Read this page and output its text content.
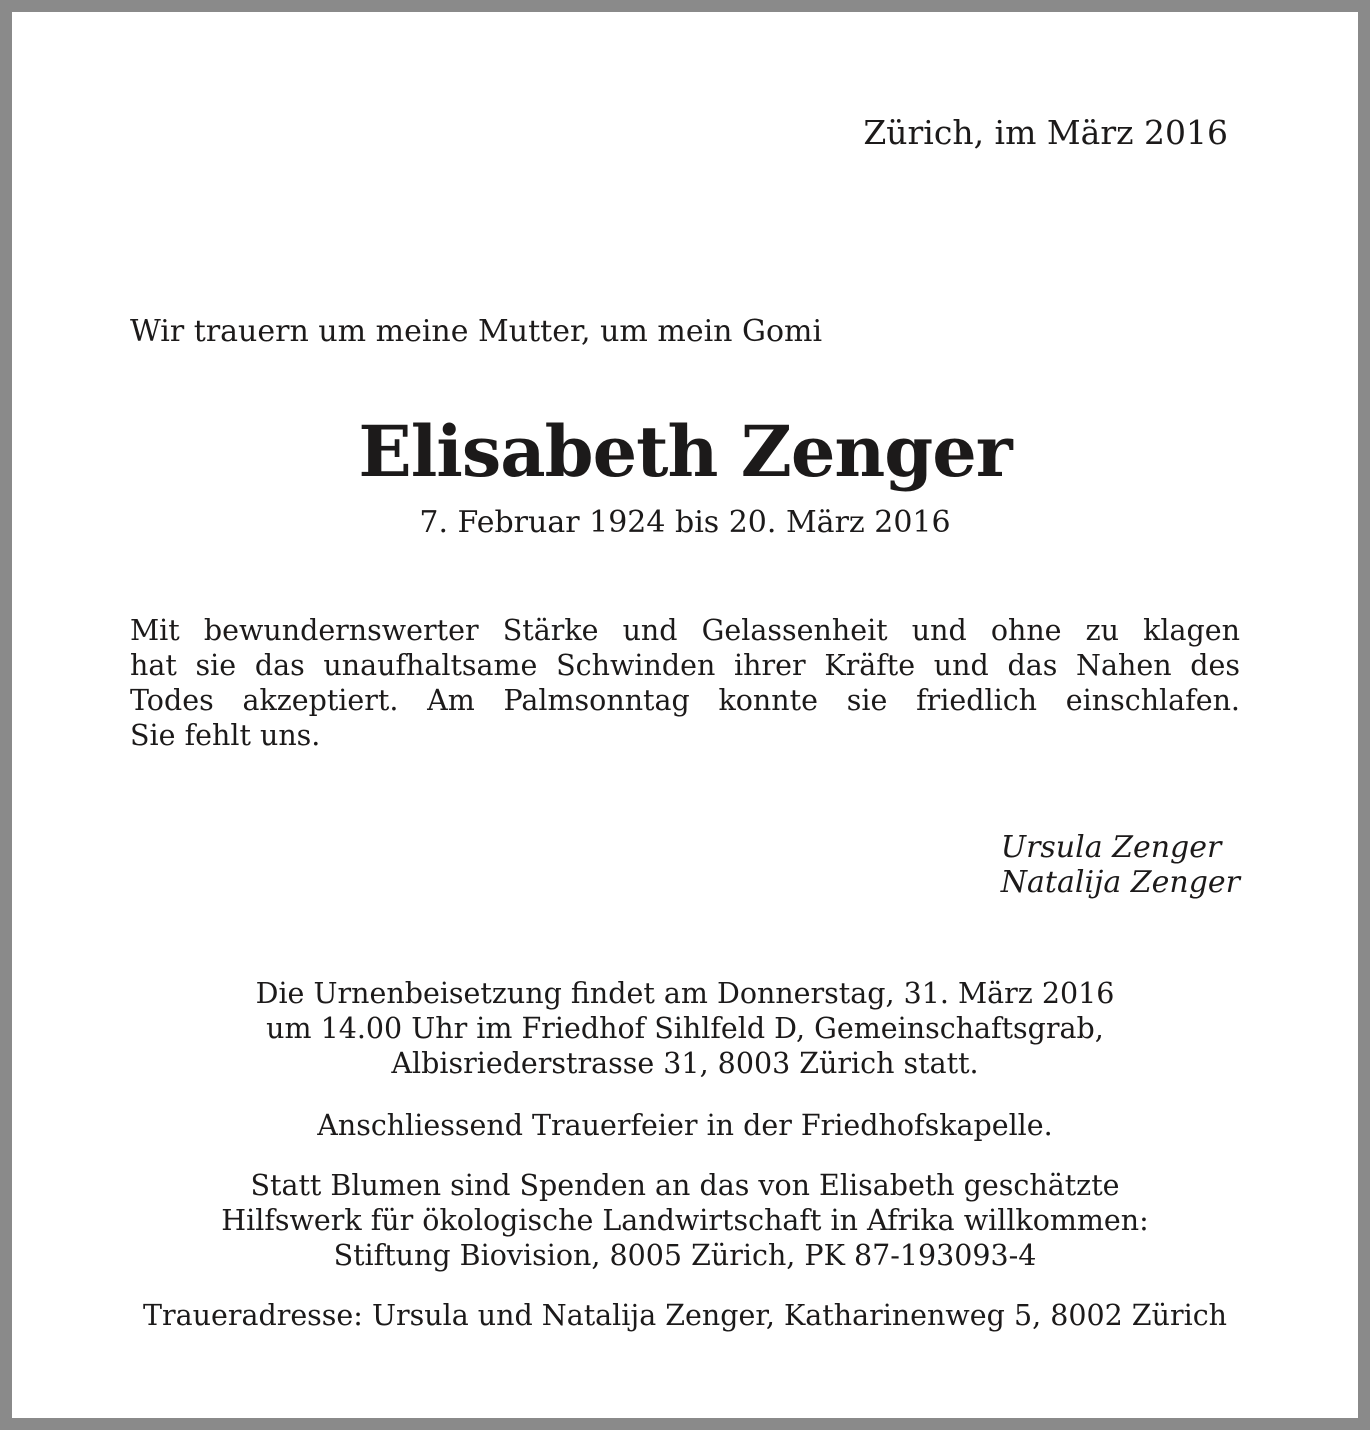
Zürich, im März 2016
Wir trauern um meine Mutter, um mein Gomi
Elisabeth Zenger
7. Februar 1924 bis 20. März 2016
Mit bewundernswerter Stärke und Gelassenheit und ohne zu klagen
hat sie das unaufhaltsame Schwinden ihrer Kräfte und das Nahen des
Todes akzeptiert. Am Palmsonntag konnte sie friedlich einschlafen.
Sie fehlt uns.
Ursula Zenger
Natalija Zenger
Die Urnenbeisetzung findet am Donnerstag, 31. März 2016
um 14.00 Uhr im Friedhof Sihlfeld D, Gemeinschaftsgrab,
Albisriederstrasse 31, 8003 Zürich statt.
Anschliessend Trauerfeier in der Friedhofskapelle.
Statt Blumen sind Spenden an das von Elisabeth geschätzte
Hilfswerk für ökologische Landwirtschaft in Afrika willkommen:
Stiftung Biovision, 8005 Zürich, PK 87-193093-4
Traueradresse: Ursula und Natalija Zenger, Katharinenweg 5, 8002 Zürich
